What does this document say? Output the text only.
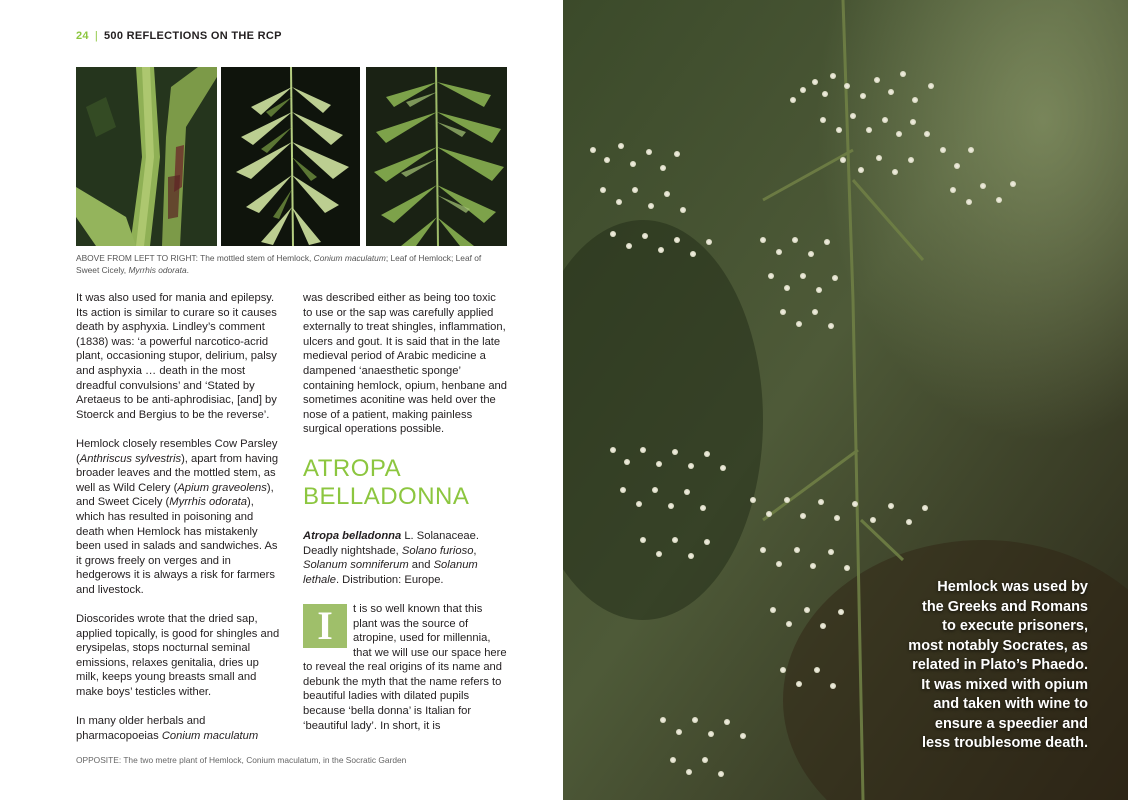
24 | 500 REFLECTIONS ON THE RCP
ABOVE FROM LEFT TO RIGHT: The mottled stem of Hemlock, Conium maculatum; Leaf of Hemlock; Leaf of Sweet Cicely, Myrrhis odorata.

It was also used for mania and epilepsy. Its action is similar to curare so it causes death by asphyxia. Lindley’s comment (1838) was: ‘a powerful narcotico-acrid plant, occasioning stupor, delirium, palsy and asphyxia … death in the most dreadful convulsions’ and ‘Stated by Aretaeus to be anti-aphrodisiac, [and] by Stoerck and Bergius to be the reverse’.

Hemlock closely resembles Cow Parsley (Anthriscus sylvestris), apart from having broader leaves and the mottled stem, as well as Wild Celery (Apium graveolens), and Sweet Cicely (Myrrhis odorata), which has resulted in poisoning and death when Hemlock has mistakenly been used in salads and sandwiches. As it grows freely on verges and in hedgerows it is always a risk for farmers and livestock.

Dioscorides wrote that the dried sap, applied topically, is good for shingles and erysipelas, stops nocturnal seminal emissions, relaxes genitalia, dries up milk, keeps young breasts small and make boys’ testicles wither.

In many older herbals and pharmacopoeias Conium maculatum

was described either as being too toxic to use or the sap was carefully applied externally to treat shingles, inflammation, ulcers and gout. It is said that in the late medieval period of Arabic medicine a dampened ‘anaesthetic sponge’ containing hemlock, opium, henbane and sometimes aconitine was held over the nose of a patient, making painless surgical operations possible.

ATROPA
BELLADONNA

Atropa belladonna L. Solanaceae. Deadly nightshade, Solano furioso, Solanum somniferum and Solanum lethale. Distribution: Europe.

I	t is so well known that this plant was the source of atropine, used for millennia, that we will use our space here to reveal the real origins of its name and debunk the myth that the name refers to beautiful ladies with dilated pupils because ‘bella donna’ is Italian for ‘beautiful lady’. In short, it is

OPPOSITE: The two metre plant of Hemlock, Conium maculatum, in the Socratic Garden
Hemlock was used by
the Greeks and Romans
to execute prisoners,
most notably Socrates, as
related in Plato’s Phaedo.
It was mixed with opium
and taken with wine to
ensure a speedier and
less troublesome death.
